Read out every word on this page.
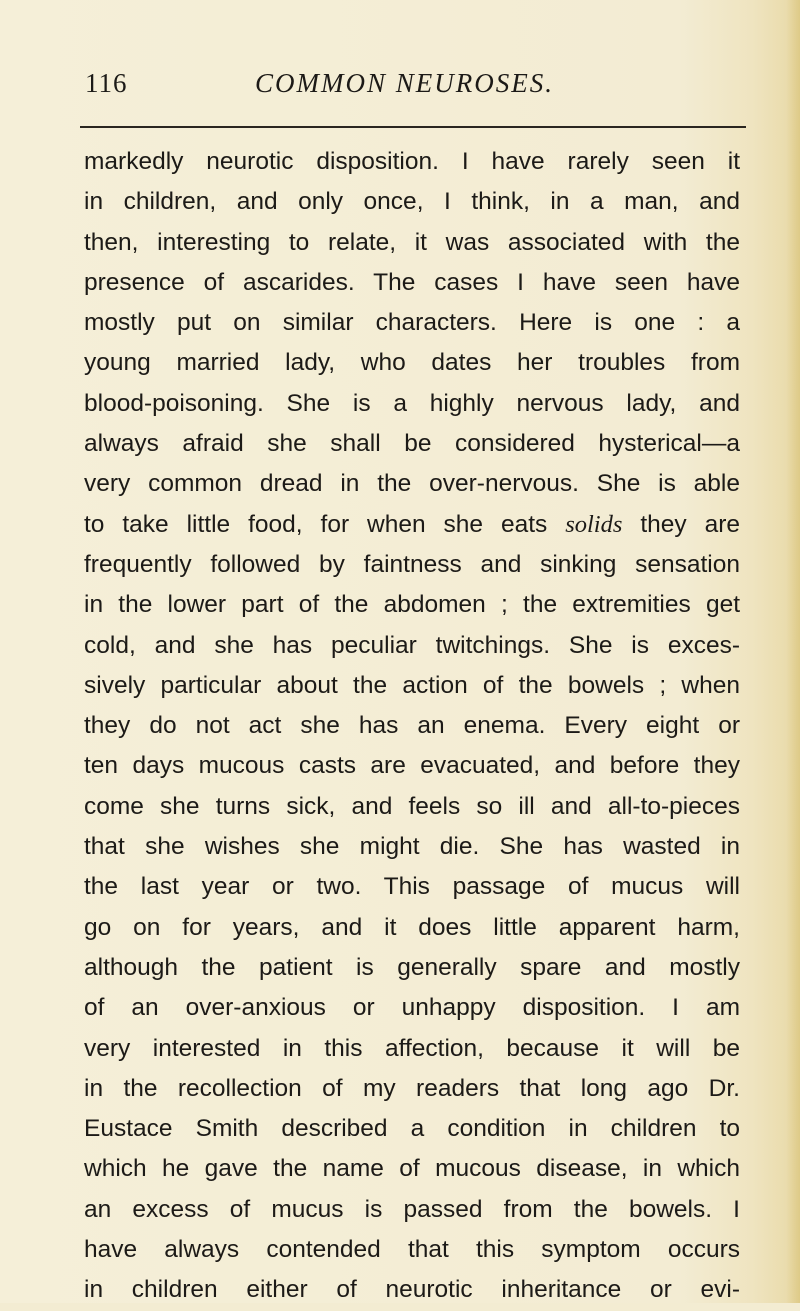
116	COMMON NEUROSES.
markedly neurotic disposition. I have rarely seen it
in children, and only once, I think, in a man, and
then, interesting to relate, it was associated with the
presence of ascarides. The cases I have seen have
mostly put on similar characters. Here is one : a
young married lady, who dates her troubles from
blood-poisoning. She is a highly nervous lady, and
always afraid she shall be considered hysterical—a
very common dread in the over-nervous. She is able
to take little food, for when she eats solids they are
frequently followed by faintness and sinking sensation
in the lower part of the abdomen ; the extremities get
cold, and she has peculiar twitchings. She is exces-
sively particular about the action of the bowels ; when
they do not act she has an enema. Every eight or
ten days mucous casts are evacuated, and before they
come she turns sick, and feels so ill and all-to-pieces
that she wishes she might die. She has wasted in
the last year or two. This passage of mucus will
go on for years, and it does little apparent harm,
although the patient is generally spare and mostly
of an over-anxious or unhappy disposition. I am
very interested in this affection, because it will be
in the recollection of my readers that long ago Dr.
Eustace Smith described a condition in children to
which he gave the name of mucous disease, in which
an excess of mucus is passed from the bowels. I
have always contended that this symptom occurs
in children either of neurotic inheritance or evi-
